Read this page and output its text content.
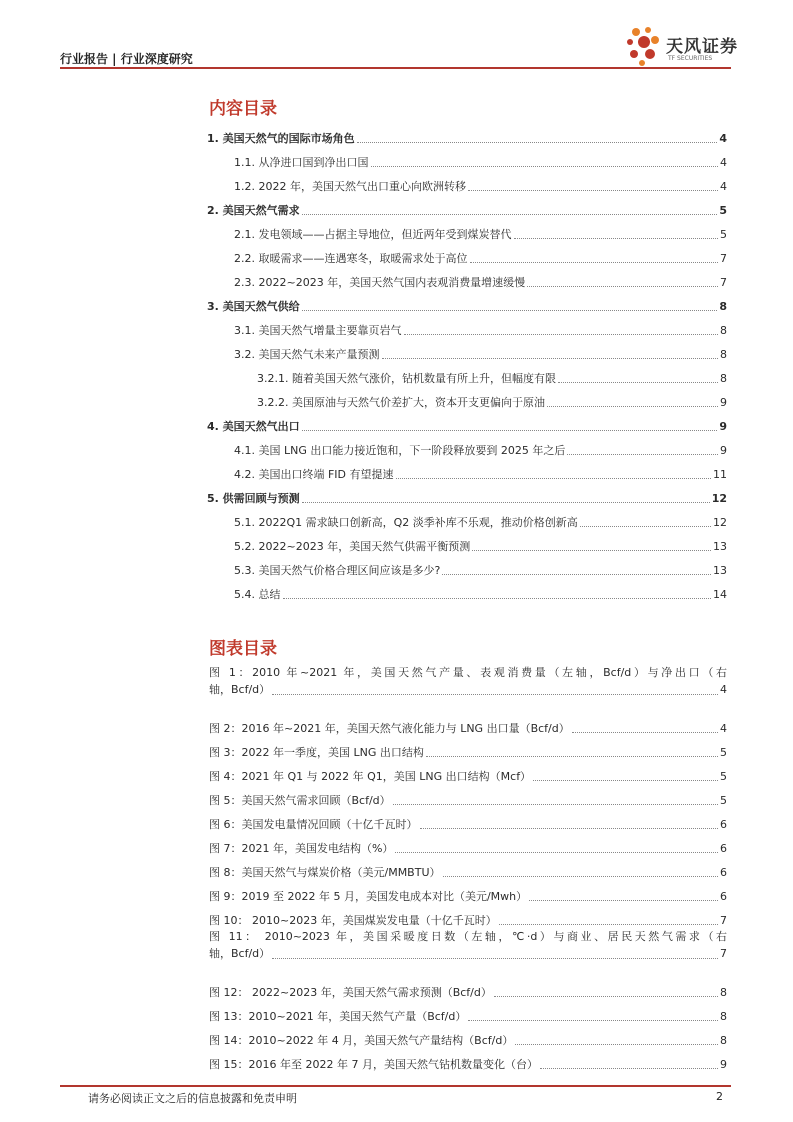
行业报告 | 行业深度研究
天风证券
TF SECURITIES
内容目录
1. 美国天然气的国际市场角色	4
1.1. 从净进口国到净出口国	4
1.2. 2022 年，美国天然气出口重心向欧洲转移	4
2. 美国天然气需求	5
2.1. 发电领域——占据主导地位，但近两年受到煤炭替代	5
2.2. 取暖需求——连遇寒冬，取暖需求处于高位	7
2.3. 2022~2023 年，美国天然气国内表观消费量增速缓慢	7
3. 美国天然气供给	8
3.1. 美国天然气增量主要靠页岩气	8
3.2. 美国天然气未来产量预测	8
3.2.1. 随着美国天然气涨价，钻机数量有所上升，但幅度有限	8
3.2.2. 美国原油与天然气价差扩大，资本开支更偏向于原油	9
4. 美国天然气出口	9
4.1. 美国 LNG 出口能力接近饱和，下一阶段释放要到 2025 年之后	9
4.2. 美国出口终端 FID 有望提速	11
5. 供需回顾与预测	12
5.1. 2022Q1 需求缺口创新高，Q2 淡季补库不乐观，推动价格创新高	12
5.2. 2022~2023 年，美国天然气供需平衡预测	13
5.3. 美国天然气价格合理区间应该是多少?	13
5.4. 总结	14
图表目录
图 1：2010 年~2021 年，美国天然气产量、表观消费量（左轴，Bcf/d）与净出口（右
轴，Bcf/d）	4
图 2：2016 年~2021 年，美国天然气液化能力与 LNG 出口量（Bcf/d）	4
图 3：2022 年一季度，美国 LNG 出口结构	5
图 4：2021 年 Q1 与 2022 年 Q1，美国 LNG 出口结构（Mcf）	5
图 5：美国天然气需求回顾（Bcf/d）	5
图 6：美国发电量情况回顾（十亿千瓦时）	6
图 7：2021 年，美国发电结构（%）	6
图 8：美国天然气与煤炭价格（美元/MMBTU）	6
图 9：2019 至 2022 年 5 月，美国发电成本对比（美元/Mwh）	6
图 10： 2010~2023 年，美国煤炭发电量（十亿千瓦时）	7
图 11： 2010~2023 年，美国采暖度日数（左轴，℃·d）与商业、居民天然气需求（右
轴，Bcf/d）	7
图 12： 2022~2023 年，美国天然气需求预测（Bcf/d）	8
图 13：2010~2021 年，美国天然气产量（Bcf/d）	8
图 14：2010~2022 年 4 月，美国天然气产量结构（Bcf/d）	8
图 15：2016 年至 2022 年 7 月，美国天然气钻机数量变化（台）	9
请务必阅读正文之后的信息披露和免责申明	2
